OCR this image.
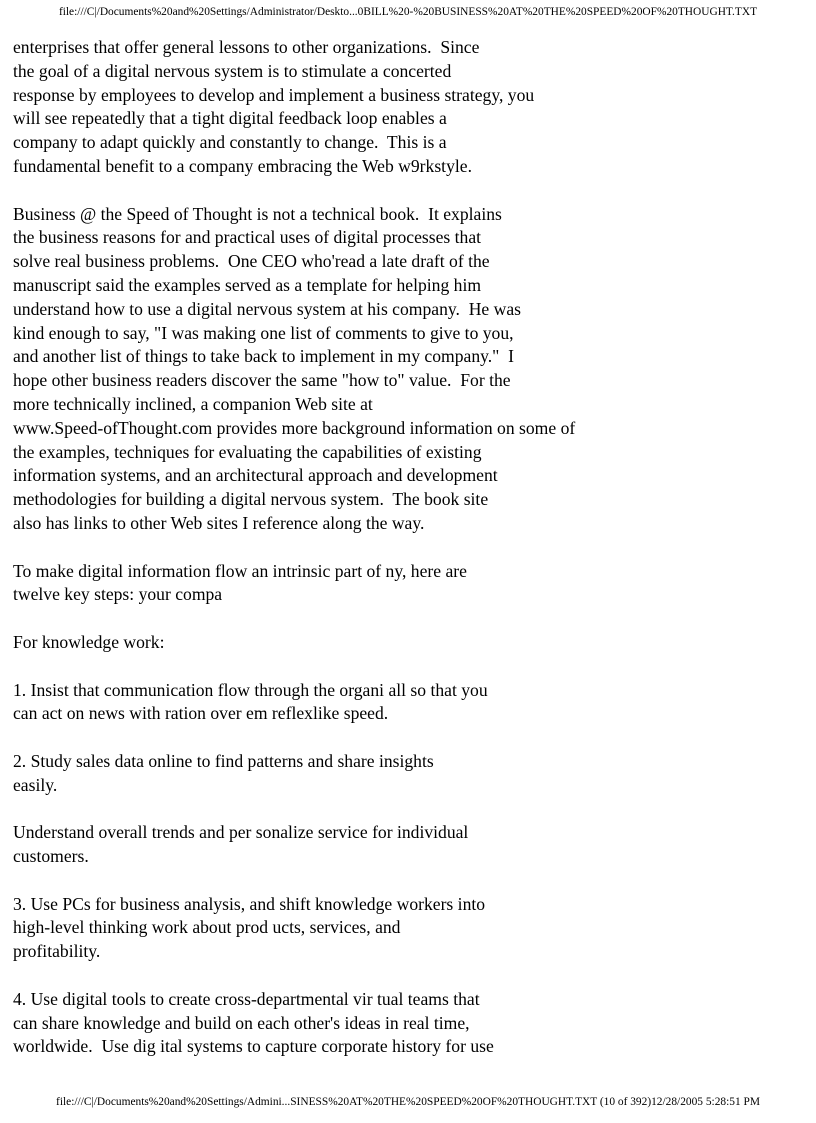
file:///C|/Documents%20and%20Settings/Administrator/Deskto...0BILL%20-%20BUSINESS%20AT%20THE%20SPEED%20OF%20THOUGHT.TXT
enterprises that offer general lessons to other organizations.  Since
the goal of a digital nervous system is to stimulate a concerted
response by employees to develop and implement a business strategy, you
will see repeatedly that a tight digital feedback loop enables a
company to adapt quickly and constantly to change.  This is a
fundamental benefit to a company embracing the Web w9rkstyle.
Business @ the Speed of Thought is not a technical book.  It explains
the business reasons for and practical uses of digital processes that
solve real business problems.  One CEO who'read a late draft of the
manuscript said the examples served as a template for helping him
understand how to use a digital nervous system at his company.  He was
kind enough to say, "I was making one list of comments to give to you,
and another list of things to take back to implement in my company."  I
hope other business readers discover the same "how to" value.  For the
more technically inclined, a companion Web site at
www.Speed-ofThought.com provides more background information on some of
the examples, techniques for evaluating the capabilities of existing
information systems, and an architectural approach and development
methodologies for building a digital nervous system.  The book site
also has links to other Web sites I reference along the way.
To make digital information flow an intrinsic part of ny, here are
twelve key steps: your compa
For knowledge work:
1. Insist that communication flow through the organi all so that you
can act on news with ration over em reflexlike speed.
2. Study sales data online to find patterns and share insights
easily.
Understand overall trends and per sonalize service for individual
customers.
3. Use PCs for business analysis, and shift knowledge workers into
high-level thinking work about prod ucts, services, and
profitability.
4. Use digital tools to create cross-departmental vir tual teams that
can share knowledge and build on each other's ideas in real time,
worldwide.  Use dig ital systems to capture corporate history for use
file:///C|/Documents%20and%20Settings/Admini...SINESS%20AT%20THE%20SPEED%20OF%20THOUGHT.TXT (10 of 392)12/28/2005 5:28:51 PM
